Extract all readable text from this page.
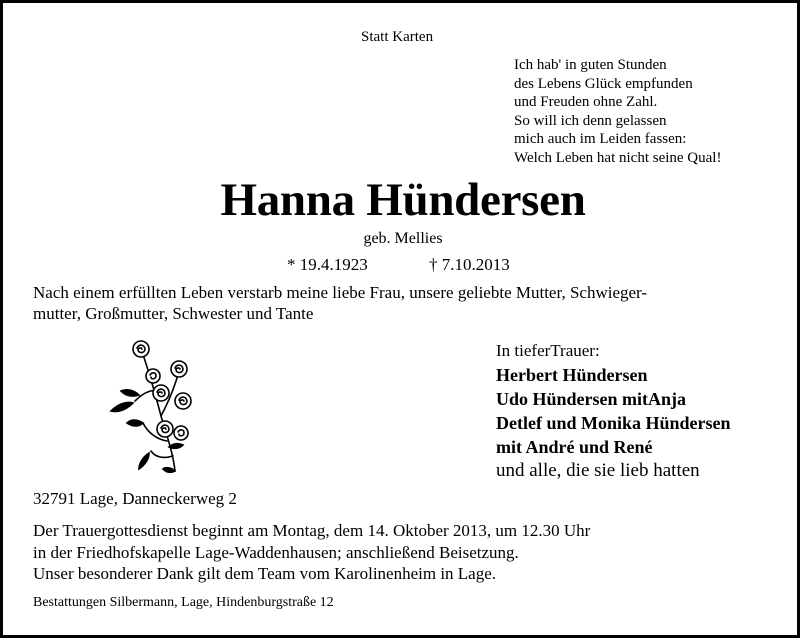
Statt Karten
Ich hab' in guten Stunden
des Lebens Glück empfunden
und Freuden ohne Zahl.
So will ich denn gelassen
mich auch im Leiden fassen:
Welch Leben hat nicht seine Qual!
Hanna Hündersen
geb. Mellies
* 19.4.1923	† 7.10.2013
Nach einem erfüllten Leben verstarb meine liebe Frau, unsere geliebte Mutter, Schwieger-
mutter, Großmutter, Schwester und Tante
In tieferTrauer:
Herbert Hündersen
Udo Hündersen mitAnja
Detlef und Monika Hündersen
mit André und René
und alle, die sie lieb hatten
32791 Lage, Danneckerweg 2
Der Trauergottesdienst beginnt am Montag, dem 14. Oktober 2013, um 12.30 Uhr
in der Friedhofskapelle Lage-Waddenhausen; anschließend Beisetzung.
Unser besonderer Dank gilt dem Team vom Karolinenheim in Lage.
Bestattungen Silbermann, Lage, Hindenburgstraße 12
